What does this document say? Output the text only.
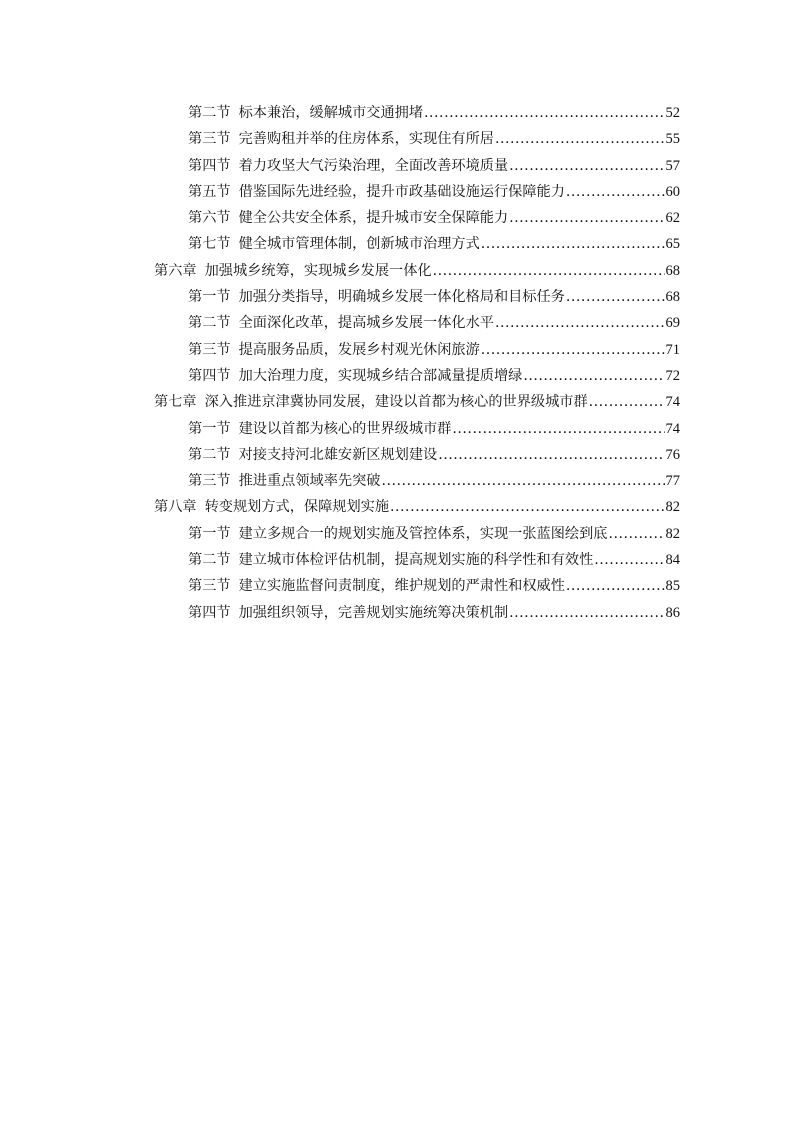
第二节 标本兼治，缓解城市交通拥堵 .....	52
第三节 完善购租并举的住房体系，实现住有所居 .....	55
第四节 着力攻坚大气污染治理，全面改善环境质量 .....	57
第五节 借鉴国际先进经验，提升市政基础设施运行保障能力 .....	60
第六节 健全公共安全体系，提升城市安全保障能力 .....	62
第七节 健全城市管理体制，创新城市治理方式 .....	65
第六章 加强城乡统筹，实现城乡发展一体化 .....	68
第一节 加强分类指导，明确城乡发展一体化格局和目标任务 .....	68
第二节 全面深化改革，提高城乡发展一体化水平 .....	69
第三节 提高服务品质，发展乡村观光休闲旅游 .....	71
第四节 加大治理力度，实现城乡结合部减量提质增绿 .....	72
第七章 深入推进京津冀协同发展，建设以首都为核心的世界级城市群 .....	74
第一节 建设以首都为核心的世界级城市群 .....	74
第二节 对接支持河北雄安新区规划建设 .....	76
第三节 推进重点领域率先突破 .....	77
第八章 转变规划方式，保障规划实施 .....	82
第一节 建立多规合一的规划实施及管控体系，实现一张蓝图绘到底 .....	82
第二节 建立城市体检评估机制，提高规划实施的科学性和有效性 .....	84
第三节 建立实施监督问责制度，维护规划的严肃性和权威性 .....	85
第四节 加强组织领导，完善规划实施统筹决策机制 .....	86
